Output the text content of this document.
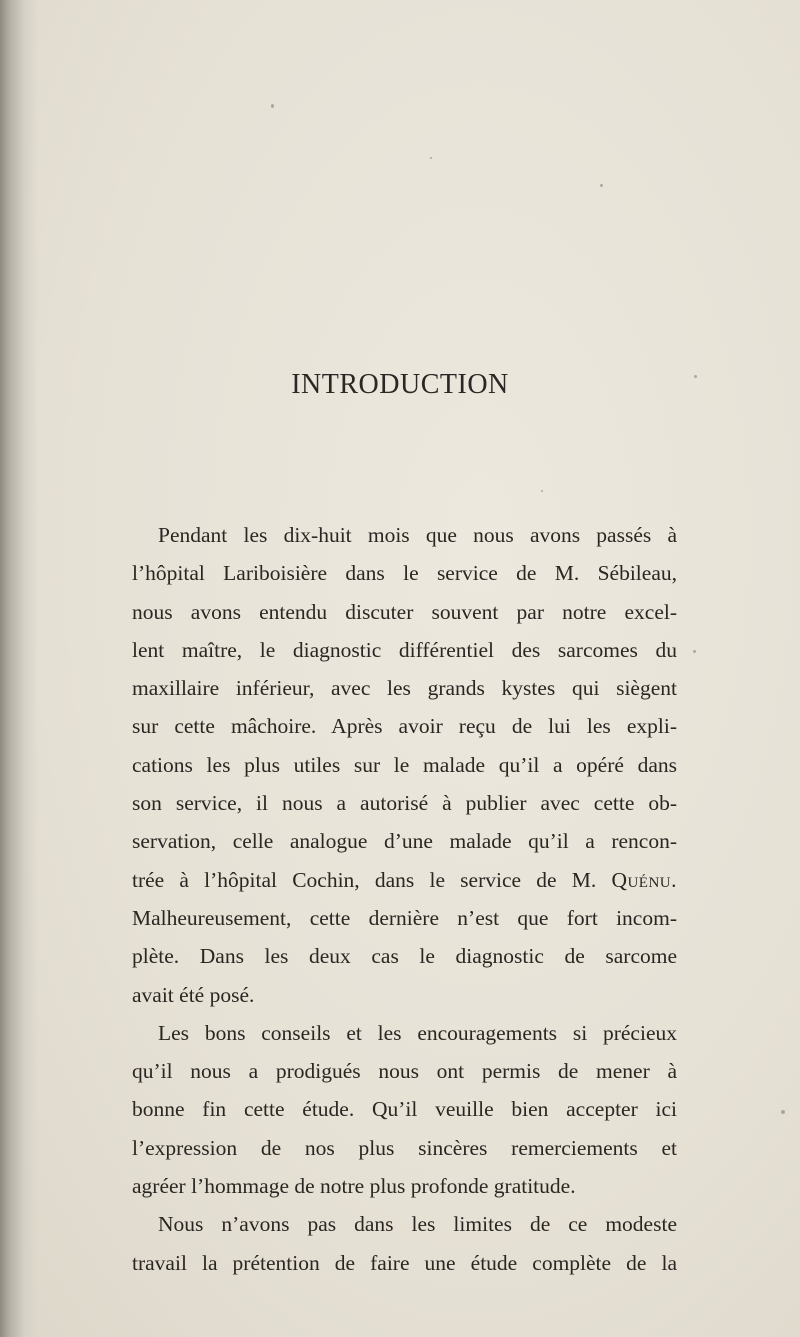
INTRODUCTION
Pendant les dix-huit mois que nous avons passés à
l’hôpital Lariboisière dans le service de M. Sébileau,
nous avons entendu discuter souvent par notre excel-
lent maître, le diagnostic différentiel des sarcomes du
maxillaire inférieur, avec les grands kystes qui siègent
sur cette mâchoire. Après avoir reçu de lui les expli-
cations les plus utiles sur le malade qu’il a opéré dans
son service, il nous a autorisé à publier avec cette ob-
servation, celle analogue d’une malade qu’il a rencon-
trée à l’hôpital Cochin, dans le service de M. Quénu.
Malheureusement, cette dernière n’est que fort incom-
plète. Dans les deux cas le diagnostic de sarcome
avait été posé.
Les bons conseils et les encouragements si précieux
qu’il nous a prodigués nous ont permis de mener à
bonne fin cette étude. Qu’il veuille bien accepter ici
l’expression de nos plus sincères remerciements et
agréer l’hommage de notre plus profonde gratitude.
Nous n’avons pas dans les limites de ce modeste
travail la prétention de faire une étude complète de la
